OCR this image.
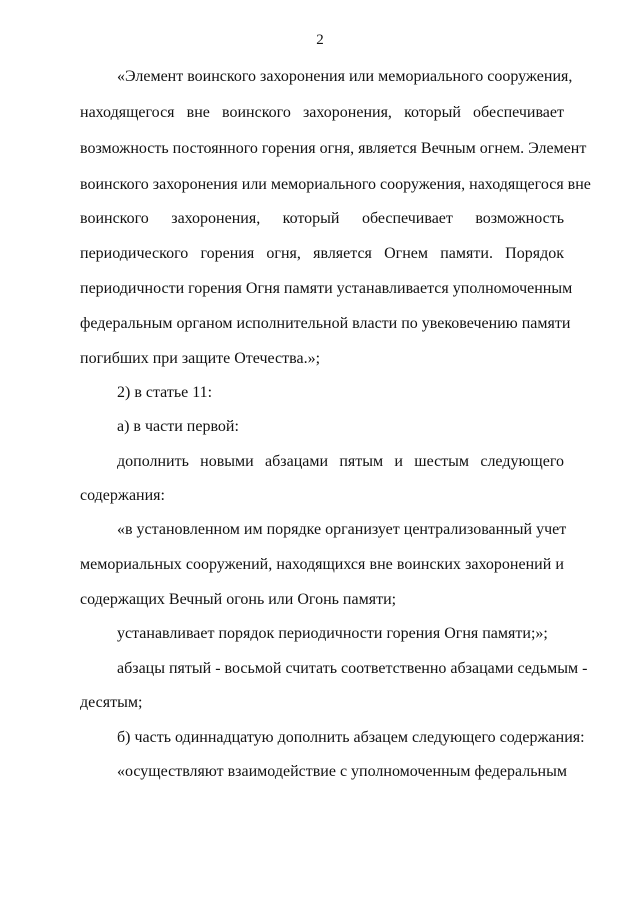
2
«Элемент воинского захоронения или мемориального сооружения,
находящегося вне воинского захоронения, который обеспечивает
возможность постоянного горения огня, является Вечным огнем. Элемент
воинского захоронения или мемориального сооружения, находящегося вне
воинского захоронения, который обеспечивает возможность
периодического горения огня, является Огнем памяти. Порядок
периодичности горения Огня памяти устанавливается уполномоченным
федеральным органом исполнительной власти по увековечению памяти
погибших при защите Отечества.»;
2) в статье 11:
а) в части первой:
дополнить новыми абзацами пятым и шестым следующего
содержания:
«в установленном им порядке организует централизованный учет
мемориальных сооружений, находящихся вне воинских захоронений и
содержащих Вечный огонь или Огонь памяти;
устанавливает порядок периодичности горения Огня памяти;»;
абзацы пятый - восьмой считать соответственно абзацами седьмым -
десятым;
б) часть одиннадцатую дополнить абзацем следующего содержания:
«осуществляют взаимодействие с уполномоченным федеральным
